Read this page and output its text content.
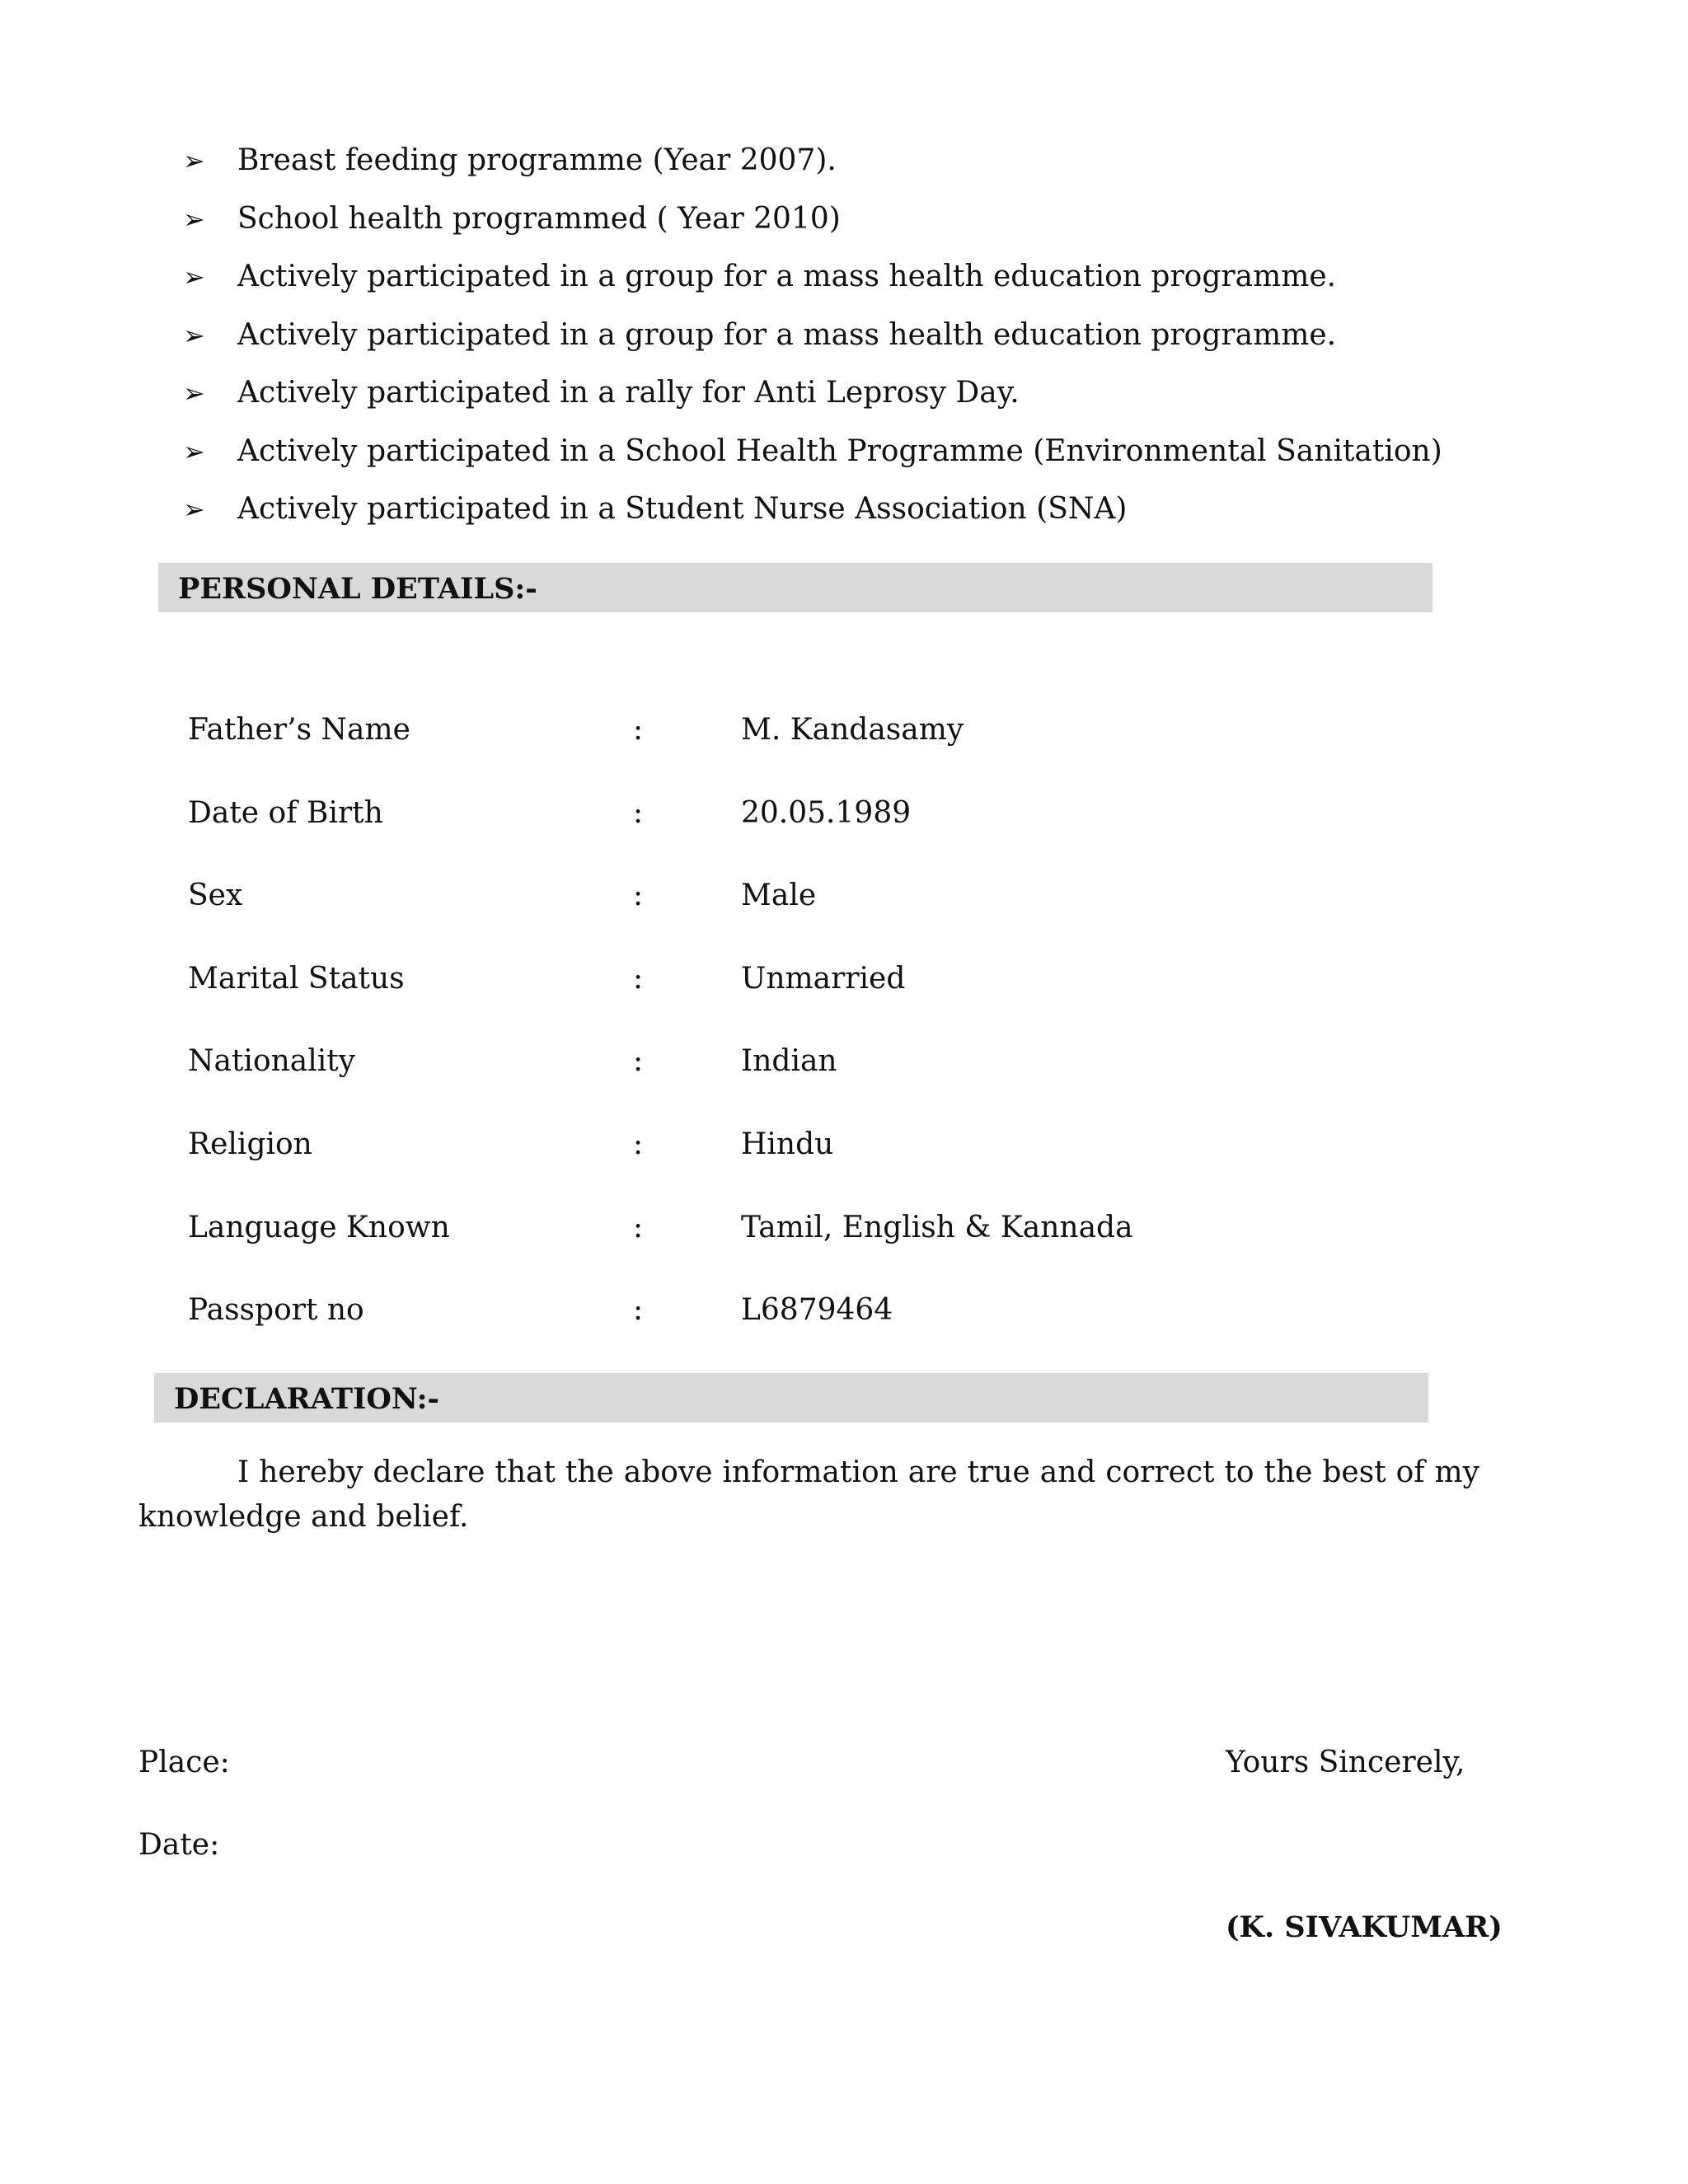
➢ Breast feeding programme (Year 2007).
➢ School health programmed ( Year 2010)
➢ Actively participated in a group for a mass health education programme.
➢ Actively participated in a group for a mass health education programme.
➢ Actively participated in a rally for Anti Leprosy Day.
➢ Actively participated in a School Health Programme (Environmental Sanitation)
➢ Actively participated in a Student Nurse Association (SNA)
PERSONAL DETAILS:-
Father’s Name	:	M. Kandasamy
Date of Birth	:	20.05.1989
Sex	:	Male
Marital Status	:	Unmarried
Nationality	:	Indian
Religion	:	Hindu
Language Known	:	Tamil, English & Kannada
Passport no	:	L6879464
DECLARATION:-

I hereby declare that the above information are true and correct to the best of my knowledge and belief.

Place:
Date:
Yours Sincerely,
(K. SIVAKUMAR)
